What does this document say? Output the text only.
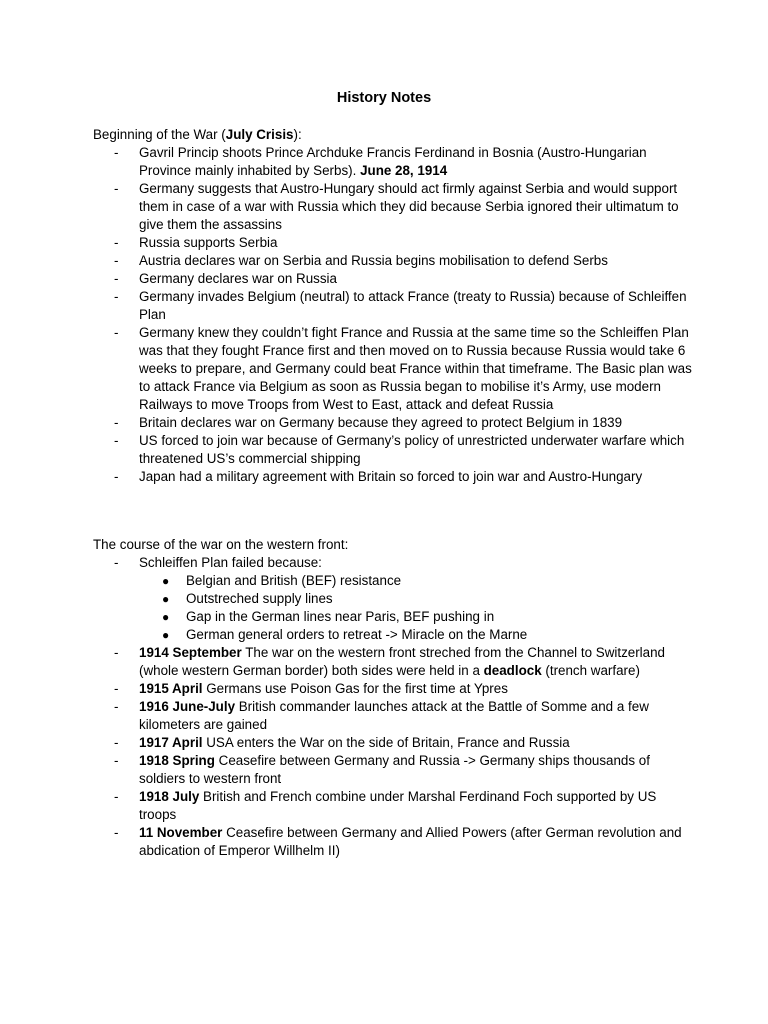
History Notes

Beginning of the War (July Crisis):

- Gavril Princip shoots Prince Archduke Francis Ferdinand in Bosnia (Austro-Hungarian Province mainly inhabited by Serbs). June 28, 1914
- Germany suggests that Austro-Hungary should act firmly against Serbia and would support them in case of a war with Russia which they did because Serbia ignored their ultimatum to give them the assassins
- Russia supports Serbia
- Austria declares war on Serbia and Russia begins mobilisation to defend Serbs
- Germany declares war on Russia
- Germany invades Belgium (neutral) to attack France (treaty to Russia) because of Schleiffen Plan
- Germany knew they couldn’t fight France and Russia at the same time so the Schleiffen Plan was that they fought France first and then moved on to Russia because Russia would take 6 weeks to prepare, and Germany could beat France within that timeframe. The Basic plan was to attack France via Belgium as soon as Russia began to mobilise it’s Army, use modern Railways to move Troops from West to East, attack and defeat Russia
- Britain declares war on Germany because they agreed to protect Belgium in 1839
- US forced to join war because of Germany’s policy of unrestricted underwater warfare which threatened US’s commercial shipping
- Japan had a military agreement with Britain so forced to join war and Austro-Hungary

The course of the war on the western front:

- Schleiffen Plan failed because:
● Belgian and British (BEF) resistance
● Outstreched supply lines
● Gap in the German lines near Paris, BEF pushing in
● German general orders to retreat -> Miracle on the Marne
- 1914 September The war on the western front streched from the Channel to Switzerland (whole western German border) both sides were held in a deadlock (trench warfare)
- 1915 April Germans use Poison Gas for the first time at Ypres
- 1916 June-July British commander launches attack at the Battle of Somme and a few kilometers are gained
- 1917 April USA enters the War on the side of Britain, France and Russia
- 1918 Spring Ceasefire between Germany and Russia -> Germany ships thousands of soldiers to western front
- 1918 July British and French combine under Marshal Ferdinand Foch supported by US troops
- 11 November Ceasefire between Germany and Allied Powers (after German revolution and abdication of Emperor Willhelm II)
